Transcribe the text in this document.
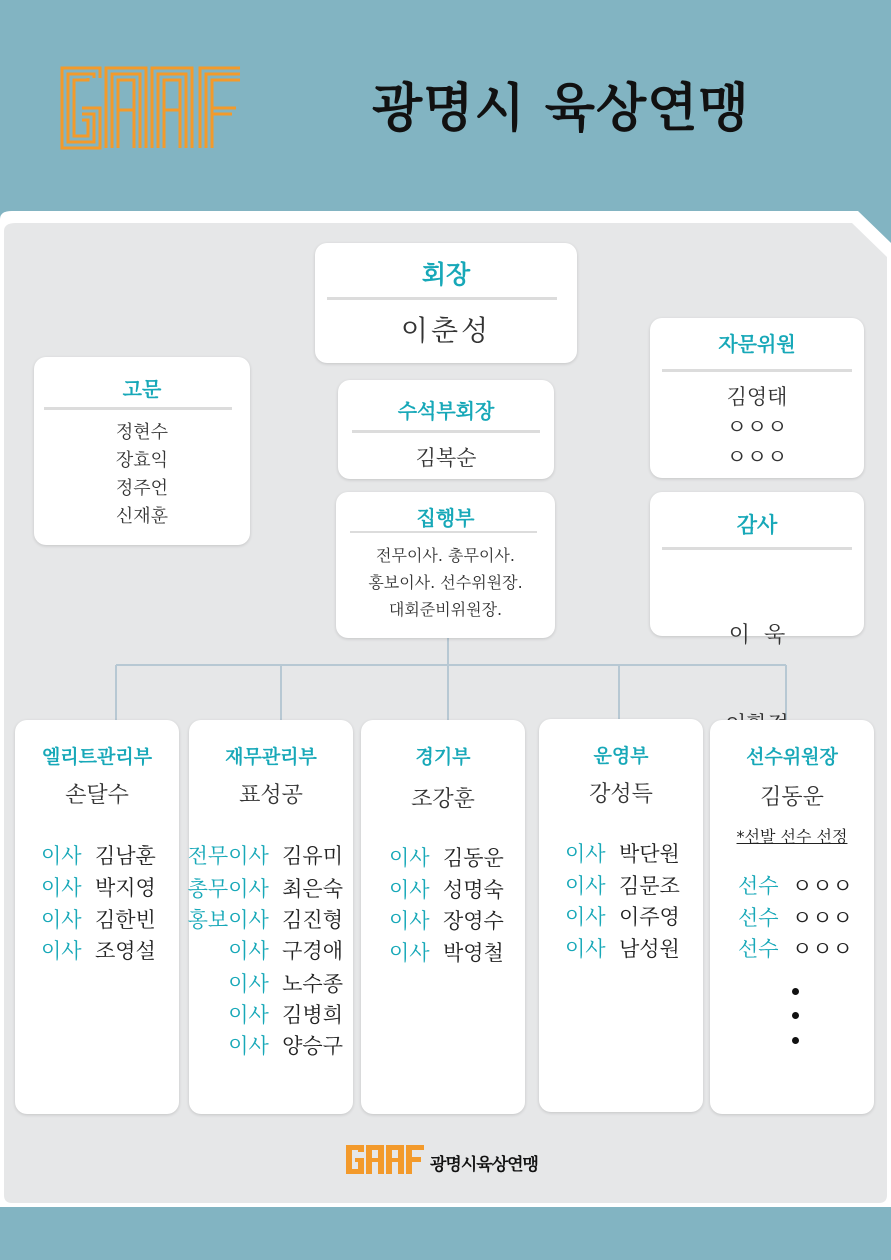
광명시 육상연맹
회장
이춘성
수석부회장
김복순
집행부
전무이사. 총무이사.
홍보이사. 선수위원장.
대회준비위원장.
고문
정현수
장효익
정주언
신재훈
자문위원
김영태
ㅇㅇㅇ
ㅇㅇㅇ
감사

이  욱

엘리트관리부
손달수
이사 김남훈
이사 박지영
이사 김한빈
이사 조영설
재무관리부
표성공
전무이사 김유미
총무이사 최은숙
홍보이사 김진형
이사 구경애
이사 노수종
이사 김병희
이사 양승구
경기부
조강훈
이사 김동운
이사 성명숙
이사 장영수
이사 박영철
운영부
강성득
이사 박단원
이사 김문조
이사 이주영
이사 남성원
선수위원장
김동운
*선발 선수 선정
선수 ㅇㅇㅇ
선수 ㅇㅇㅇ
선수 ㅇㅇㅇ
광명시육상연맹
